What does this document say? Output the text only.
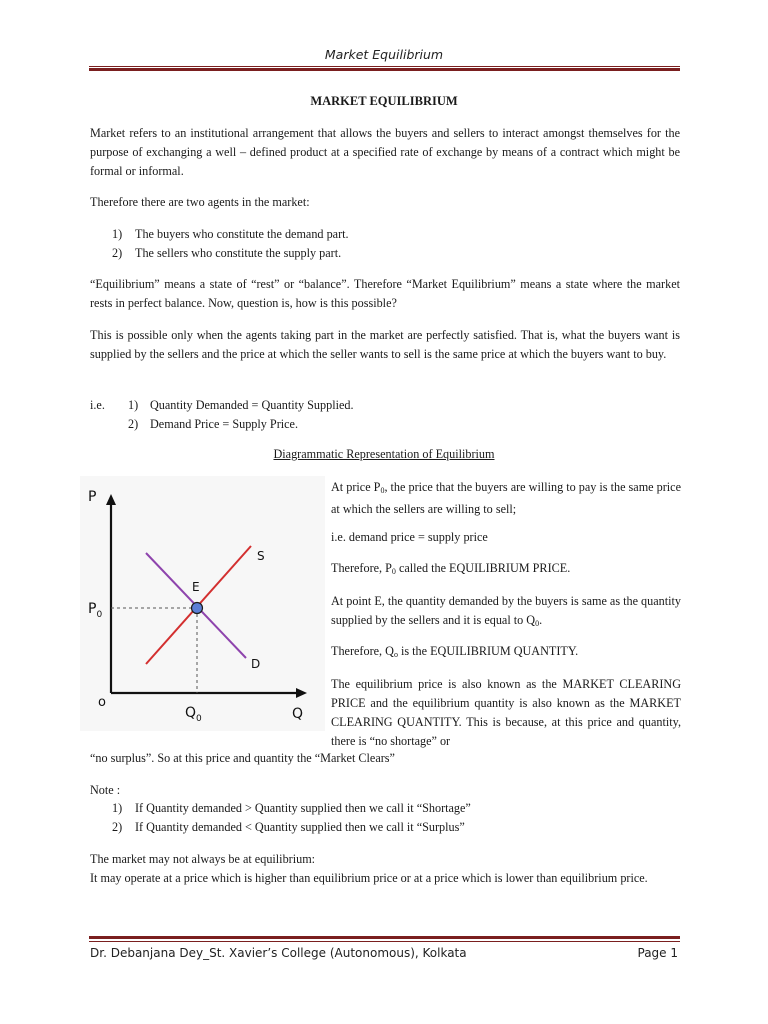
Market Equilibrium
MARKET EQUILIBRIUM

Market refers to an institutional arrangement that allows the buyers and sellers to interact amongst themselves for the purpose of exchanging a well – defined product at a specified rate of exchange by means of a contract which might be formal or informal.

Therefore there are two agents in the market:

1) The buyers who constitute the demand part.

2) The sellers who constitute the supply part.

“Equilibrium” means a state of “rest” or “balance”. Therefore “Market Equilibrium” means a state where the market rests in perfect balance. Now, question is, how is this possible?

This is possible only when the agents taking part in the market are perfectly satisfied. That is, what the buyers want is supplied by the sellers and the price at which the seller wants to sell is the same price at which the buyers want to buy.

i.e. 1) Quantity Demanded = Quantity Supplied.

2) Demand Price = Supply Price.

Diagrammatic Representation of Equilibrium
P
Q
o
S
D
E
$P_0$
$Q_0$

At price $P_0$, the price that the buyers are willing to pay is the same price at which the sellers are willing to sell;

i.e. demand price = supply price

Therefore, $P_0$ called the EQUILIBRIUM PRICE.

At point E, the quantity demanded by the buyers is same as the quantity supplied by the sellers and it is equal to $Q_0$.

Therefore, $Q_o$ is the EQUILIBRIUM QUANTITY.

The equilibrium price is also known as the MARKET CLEARING PRICE and the equilibrium quantity is also known as the MARKET CLEARING QUANTITY. This is because, at this price and quantity, there is “no shortage” or

“no surplus”. So at this price and quantity the “Market Clears”

Note :

1) If Quantity demanded > Quantity supplied then we call it “Shortage”

2) If Quantity demanded < Quantity supplied then we call it “Surplus”

The market may not always be at equilibrium:

It may operate at a price which is higher than equilibrium price or at a price which is lower than equilibrium price.

Dr. Debanjana Dey_St. Xavier’s College (Autonomous), Kolkata	Page 1
